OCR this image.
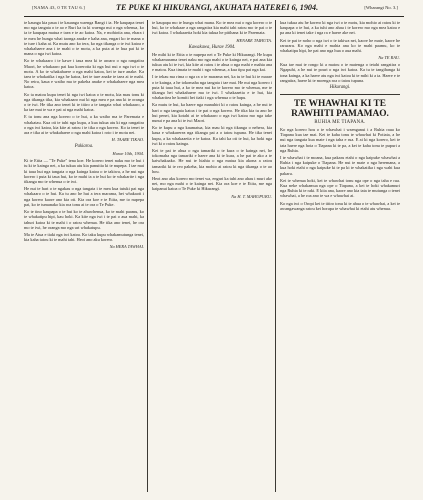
[NAMA 43, 0 TE TAU 6.]	TE PUKE KI HIKURANGI, AKUHATA HATEREI 6, 1904.	[Wharangi No. 3.]
te kaunga kia paua i te kauanga waenga Rangi i ia. He kaupapa tenei mo nga tangata o te ao e Ruri ka tu ki waenga nui o nga whenua, ko ia te kaupapa matua e taea e te ao katoa. Na, e mohiotia ana, ehara i te mea he hunga whai taonga anake e kaha ana, engari ko te mana o te ture i kaha ai. Ka mutu ano ko tera, ko nga tikanga o te iwi katoa e whakahaere ana i te mahi o te motu, a ka puta ai te hua pai ki te mana o nga iwi katoa.
Ko te whakaaro i te kawe i taua mea ki te aroaro o nga rangatira Maori, he whakaaro pai kua korerotia ki nga hui nui o nga iwi o te motu. A ko te whakahaere o nga mahi katoa, kei te ture anake. Ka taea te whakatika i nga he katoa, kei te ture anake te taea ai te mahi. No reira, kaua e waiho ma te pakeha anake e whakahaere nga mea katoa.
Ko ta matou kupu tenei ki nga iwi katoa o te motu, kia mau tonu ki nga tikanga tika, kia whakaaro nui ki nga mea e pa ana ki te oranga o te iwi. He tika ano tenei ki te titiro a te tangata whai whakaaro, a ka tae mai te wa e pai ai nga mahi katoa.
E tu tonu ana nga korero o te hui, a ka waiho ma te Paremata e whakatau. Kua oti te tuhi nga kupu, a kua tukua atu ki nga rangatira o nga iwi katoa, kia kite ai ratou i te tika o nga korero. Ko ia tenei te ara e tika ai te whakahaere o nga mahi katoa i roto i te motu nei.
H. TAARE TIKAO.
Pakiaroa.
Hurae 10th, 1904.
Ki te Etita — "Te Puke" tena koe. He korero tenei naku mo te hui i tu ki te kainga nei, a ka tukua atu kia panuitia ki te nupepa. I tae mai ki taua hui nga tangata o nga kainga katoa o te takiwa, a he nui nga korero i puta ki taua hui, ko te mahi ia a te hui ko te whakarite i nga tikanga mo te whenua o te iwi.
He nui te hari o te ngakau o nga tangata i te mea kua tutuki pai nga whakaaro o te hui. Ka tu ano he hui a tera marama, hei whakaoti i nga korero kaore ano kia oti. Kia ora koe e te Etita, me to nupepa pai, ko te tumanako kia roa tonu ai te ora o Te Puke.
Ko te tino kaupapa o te hui ko te ahuwhenua, ko te mahi paamu, ko te whakatipu hipi, kau hoki. Ka kite nga iwi i te pai o aua mahi, ka tahuri katoa ki te mahi i o ratou whenua. He tika ano tenei, he ora mo te iwi, he oranga mo nga uri whakatupu.
Ma te Atua e tiaki nga iwi katoa. Ko taku kupu whakamutunga tenei, kia kaha tatou ki te mahi tahi. Heoi ano aku korero.
Na HERA TAWHAI.
te kaupapa mo te hunga whai mana. Ko te mea nui o nga korero o te hui, ko te whakaae a nga rangatira kia mahi tahi ratou mo te pai o te iwi katoa. I whakaaetia hoki kia tukua he pitihana ki te Paremata.
HENARE TAIHUTA.
Kawakawa, Hurae 1904.
He mihi ki te Etita o te nupepa nei o Te Puke ki Hikurangi. He kupu whakamarama tenei naku mo nga mahi o te kainga nei, e pai ana kia tukua atu ki te iwi, kia kite ai ratou i te ahua o nga mahi e mahia ana e matou. Kua timata te mahi i nga whenua, a kua tipu pai nga kai.
I te tekau ma rima o nga ra o te marama nei, ka tu te hui ki te marae o te kainga, a he tokomaha nga tangata i tae mai. He nui nga korero i puta ki taua hui, a ko te mea nui ko te korero mo te whenua, me te tikanga hei whakahaere ma te iwi. I whakaaetia e te hui, kia whakaritea he komiti hei tiaki i nga whenua o te hapu.
Ka mutu te hui, ka haere nga manuhiri ki o ratou kainga, a he nui te hari o nga tangata katoa i te pai o nga korero. He tika kia tu ano he hui penei, kia kotahi ai te whakaaro o nga iwi katoa mo nga take nunui e pa ana ki te iwi Maori.
Ko te kupu a nga kaumatua, kia mau ki nga tikanga o nehera, kia kaua e whakarerea nga tikanga pai a o tatou tupuna. He tika tenei kupu, a ka whakaaetia e te katoa. Ka tahi ka oti te hui, ka hoki nga iwi ki o ratou kainga.
Kei te pai te ahua o nga tamariki o te kura o te kainga nei, he tokomaha nga tamariki e haere ana ki te kura, a he pai te ako a te kaiwhakaako. He nui te hiahia o nga matua kia akona a ratou tamariki ki te reo pakeha, kia mohio ai ratou ki nga tikanga o te ao hou.
Heoi ano aku korero mo tenei wa, engari ka tuhi ano ahau i muri ake nei, mo nga mahi o te kainga nei. Kia ora koe e te Etita, me nga kaipanui katoa o Te Puke ki Hikurangi.
Na H. T. MAHUPUKU.
kua tukua atu he korero ki nga iwi o te motu, kia mohio ai ratou ki te kaupapa o te hui, a ka tuhi ano ahau i te korero mo nga mea katoa e pa ana ki tenei take i nga ra e haere ake nei.
Kei te pai te noho o nga iwi o te takiwa nei, kaore he mate, kaore he raruraru. Ko nga mahi e mahia ana ko te mahi paamu, ko te whakatipu hipi, he pai ano nga hua o aua mahi.
Na TE RAU.
Kua tae mai te rongo ki a matou o te matenga o tetahi rangatira o Ngapuhi, a he nui te pouri o nga iwi katoa. Ka tu te tangihanga ki tona kainga, a ka haere atu nga iwi katoa ki te mihi ki a ia. Haere e te rangatira, haere ki te moenga roa o tatou tupuna.
Hikurangi.
TE WHAWHAI KI TE RAWHITI PAMAMAO.
RUHIA ME TIAPANA.
Ko nga korero hou o te whawhai i waenganui i a Ruhia raua ko Tiapana kua tae mai. Kei te kaha tonu te whawhai ki Potiata, a he nui nga tangata kua mate i nga taha e rua. E ai ki nga korero, kei te tata haere nga hoia o Tiapana ki te pa, a kei te kaha tonu te pupuri a nga Ruhia.
I te whawhai i te moana, kua pakaru etahi o nga kaipuke whawhai a Ruhia i nga kaipuke o Tiapana. He nui te mate o nga heremana, a kua hoki etahi o nga kaipuke ki te pa ki te whakatika i nga wahi kua pakaru.
Kei te whenua hoki, kei te whawhai tonu nga ope o nga taha e rua. Kua neke whakamua nga ope o Tiapana, a kei te hoki whakamuri nga Ruhia ki te raki. E kiia ana, kaore ano kia tata te mutunga o tenei whawhai, a he roa ano te wa e whawhai ai.
Ko nga iwi o Oropi kei te titiro tonu ki te ahua o te whawhai, a kei te awangawanga ratou kei horapa te whawhai ki etahi atu whenua.
